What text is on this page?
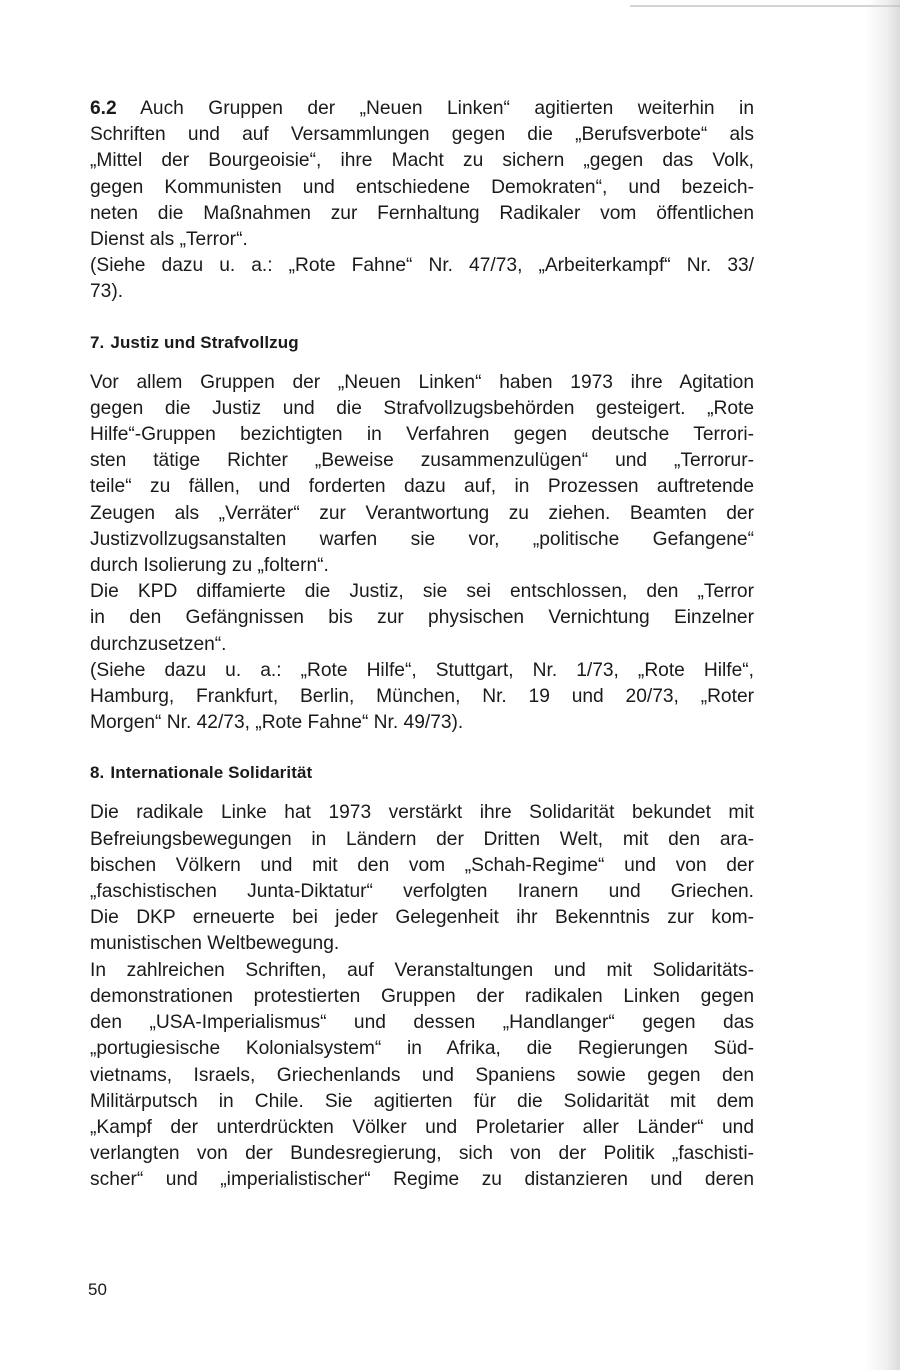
6.2 Auch Gruppen der „Neuen Linken“ agitierten weiterhin in
Schriften und auf Versammlungen gegen die „Berufsverbote“ als
„Mittel der Bourgeoisie“, ihre Macht zu sichern „gegen das Volk,
gegen Kommunisten und entschiedene Demokraten“, und bezeich-
neten die Maßnahmen zur Fernhaltung Radikaler vom öffentlichen
Dienst als „Terror“.
(Siehe dazu u. a.: „Rote Fahne“ Nr. 47/73, „Arbeiterkampf“ Nr. 33/
73).
7. Justiz und Strafvollzug
Vor allem Gruppen der „Neuen Linken“ haben 1973 ihre Agitation
gegen die Justiz und die Strafvollzugsbehörden gesteigert. „Rote
Hilfe“-Gruppen bezichtigten in Verfahren gegen deutsche Terrori-
sten tätige Richter „Beweise zusammenzulügen“ und „Terrorur-
teile“ zu fällen, und forderten dazu auf, in Prozessen auftretende
Zeugen als „Verräter“ zur Verantwortung zu ziehen. Beamten der
Justizvollzugsanstalten warfen sie vor, „politische Gefangene“
durch Isolierung zu „foltern“.
Die KPD diffamierte die Justiz, sie sei entschlossen, den „Terror
in den Gefängnissen bis zur physischen Vernichtung Einzelner
durchzusetzen“.
(Siehe dazu u. a.: „Rote Hilfe“, Stuttgart, Nr. 1/73, „Rote Hilfe“,
Hamburg, Frankfurt, Berlin, München, Nr. 19 und 20/73, „Roter
Morgen“ Nr. 42/73, „Rote Fahne“ Nr. 49/73).
8. Internationale Solidarität
Die radikale Linke hat 1973 verstärkt ihre Solidarität bekundet mit
Befreiungsbewegungen in Ländern der Dritten Welt, mit den ara-
bischen Völkern und mit den vom „Schah-Regime“ und von der
„faschistischen Junta-Diktatur“ verfolgten Iranern und Griechen.
Die DKP erneuerte bei jeder Gelegenheit ihr Bekenntnis zur kom-
munistischen Weltbewegung.
In zahlreichen Schriften, auf Veranstaltungen und mit Solidaritäts-
demonstrationen protestierten Gruppen der radikalen Linken gegen
den „USA-Imperialismus“ und dessen „Handlanger“ gegen das
„portugiesische Kolonialsystem“ in Afrika, die Regierungen Süd-
vietnams, Israels, Griechenlands und Spaniens sowie gegen den
Militärputsch in Chile. Sie agitierten für die Solidarität mit dem
„Kampf der unterdrückten Völker und Proletarier aller Länder“ und
verlangten von der Bundesregierung, sich von der Politik „faschisti-
scher“ und „imperialistischer“ Regime zu distanzieren und deren
50
